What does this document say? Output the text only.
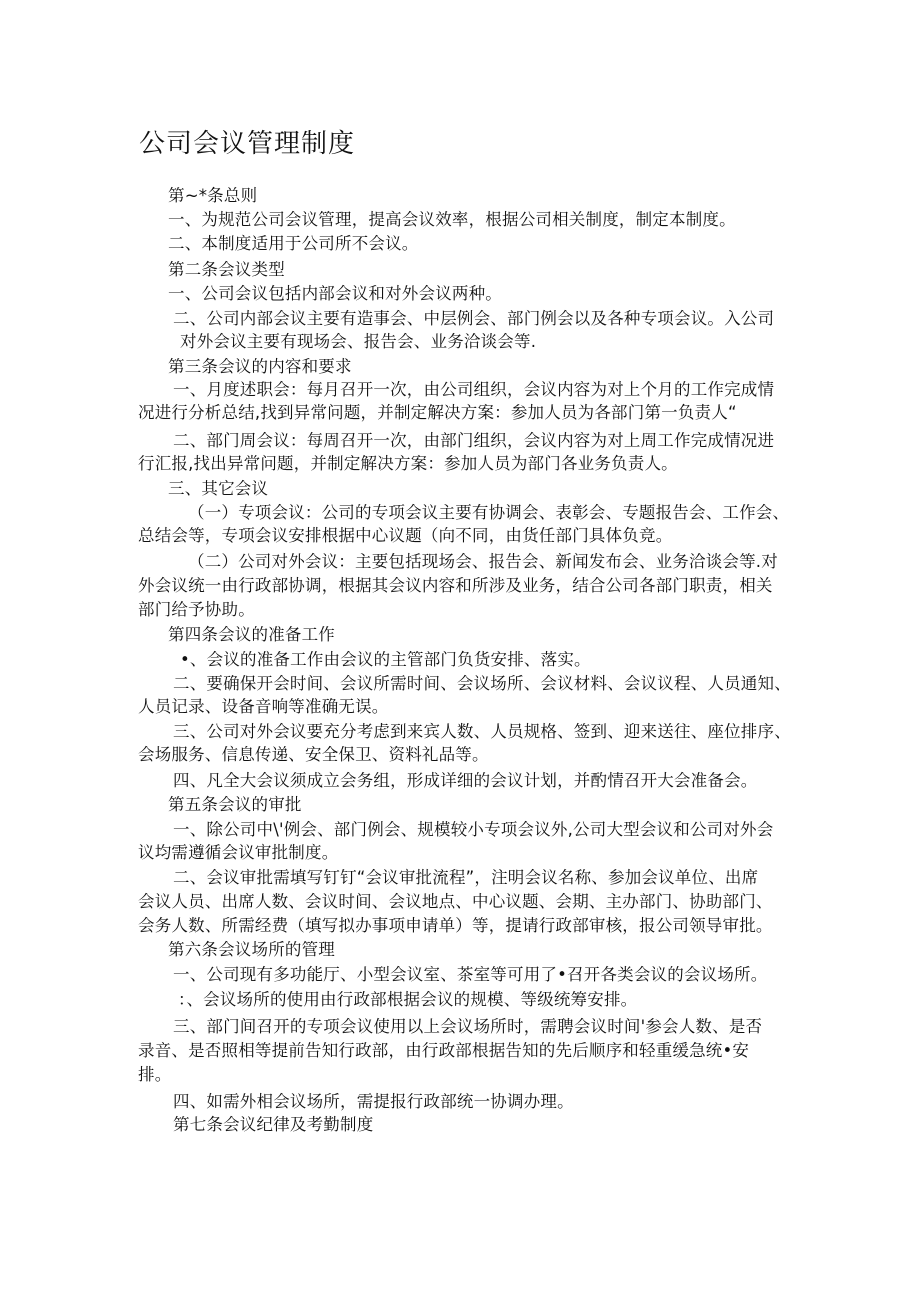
公司会议管理制度
第~*条总则
一、为规范公司会议管理，提高会议效率，根据公司相关制度，制定本制度。
二、本制度适用于公司所不会议。
第二条会议类型
一、公司会议包括内部会议和对外会议两种。
二、公司内部会议主要有造事会、中层例会、部门例会以及各种专项会议。入公司
对外会议主要有现场会、报告会、业务洽谈会等.
第三条会议的内容和要求
一、月度述职会：每月召开一次，由公司组织，会议内容为对上个月的工作完成情
况进行分析总结,找到异常问题，并制定解决方案：参加人员为各部门第一负责人“
二、部门周会议：每周召开一次，由部门组织，会议内容为对上周工作完成情况进
行汇报,找出异常问题，并制定解决方案：参加人员为部门各业务负责人。
三、其它会议
（一）专项会议：公司的专项会议主要有协调会、表彰会、专题报告会、工作会、
总结会等，专项会议安排根据中心议题（向不同，由货任部门具体负竞。
（二）公司对外会议：主要包括现场会、报告会、新闻发布会、业务洽谈会等.对
外会议统一由行政部协调，根据其会议内容和所涉及业务，结合公司各部门职责，相关
部门给予协助。
第四条会议的准备工作
•、会议的准备工作由会议的主管部门负货安排、落实。
二、要确保开会时间、会议所需时间、会议场所、会议材料、会议议程、人员通知、
人员记录、设备音响等准确无误。
三、公司对外会议要充分考虑到来宾人数、人员规格、签到、迎来送往、座位排序、
会场服务、信息传递、安全保卫、资料礼品等。
四、凡全大会议须成立会务组，形成详细的会议计划，并酌情召开大会准备会。
第五条会议的审批
一、除公司中\'例会、部门例会、规模较小专项会议外,公司大型会议和公司对外会
议均需遵循会议审批制度。
二、会议审批需填写钉钉“会议审批流程”，注明会议名称、参加会议单位、出席
会议人员、出席人数、会议时间、会议地点、中心议题、会期、主办部门、协助部门、
会务人数、所需经费（填写拟办事项申请单）等，提请行政部审核，报公司领导审批。
第六条会议场所的管理
一、公司现有多功能厅、小型会议室、茶室等可用了•召开各类会议的会议场所。
：、会议场所的使用由行政部根据会议的规模、等级统筹安排。
三、部门间召开的专项会议使用以上会议场所时，需聘会议时间'参会人数、是否
录音、是否照相等提前告知行政部，由行政部根据告知的先后顺序和轻重缓急统•安
排。
四、如需外相会议场所，需提报行政部统一协调办理。
第七条会议纪律及考勤制度
